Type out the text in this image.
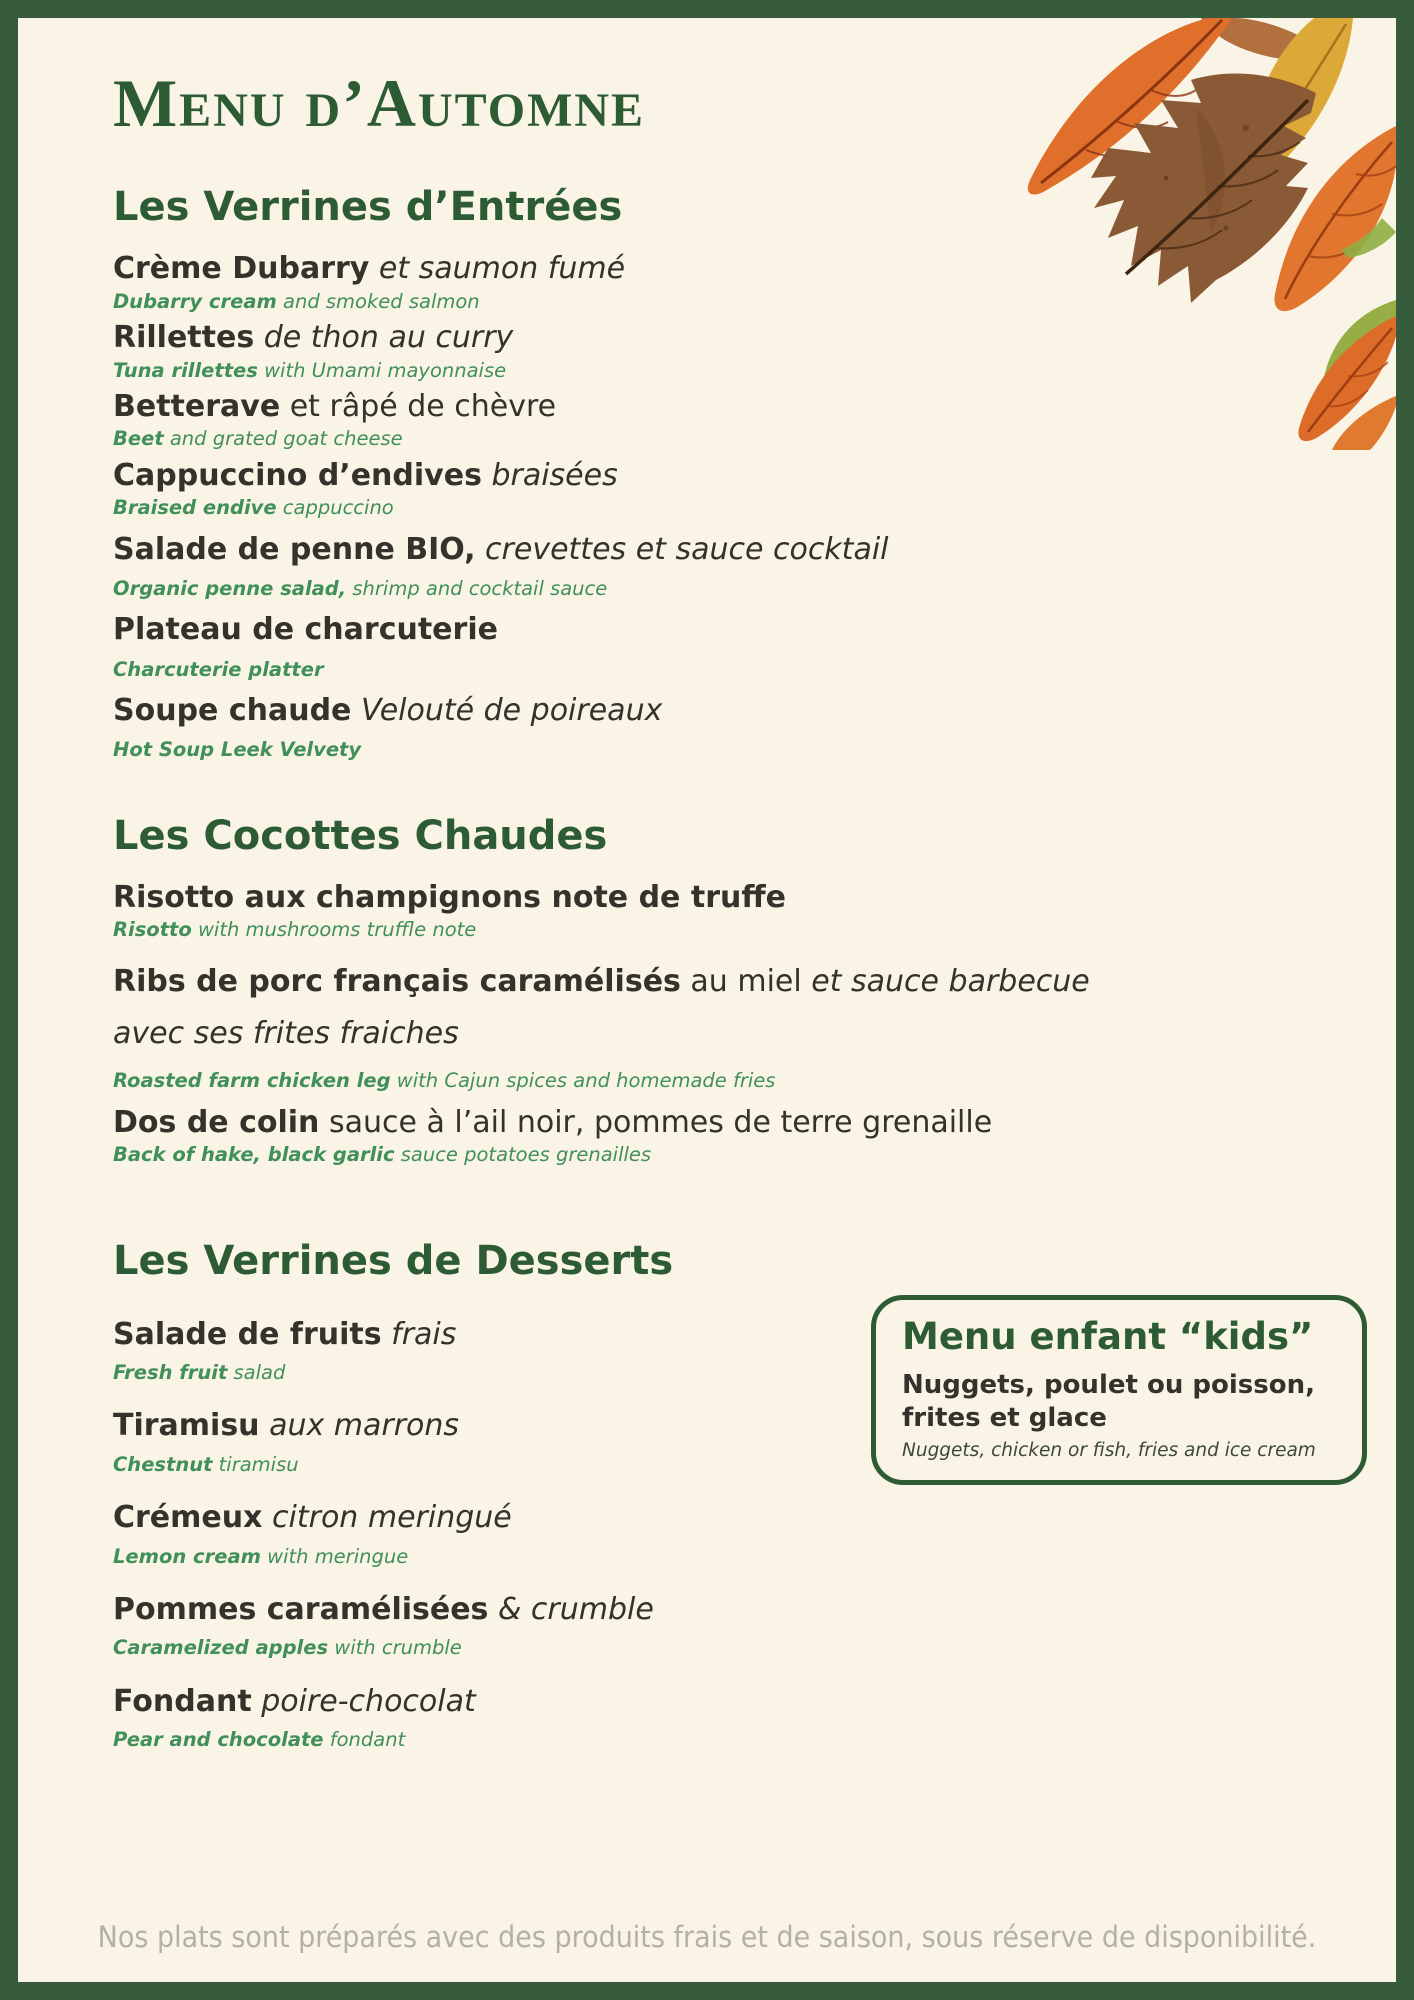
Menu d’Automne
Les Verrines d’Entrées
Crème Dubarry et saumon fumé
Dubarry cream and smoked salmon
Rillettes de thon au curry
Tuna rillettes with Umami mayonnaise
Betterave et râpé de chèvre
Beet and grated goat cheese
Cappuccino d’endives braisées
Braised endive cappuccino
Salade de penne BIO, crevettes et sauce cocktail
Organic penne salad, shrimp and cocktail sauce
Plateau de charcuterie
Charcuterie platter
Soupe chaude Velouté de poireaux
Hot Soup Leek Velvety
Les Cocottes Chaudes
Risotto aux champignons note de truffe
Risotto with mushrooms truffle note
Ribs de porc français caramélisés au miel et sauce barbecue
avec ses frites fraiches
Roasted farm chicken leg with Cajun spices and homemade fries
Dos de colin sauce à l’ail noir, pommes de terre grenaille
Back of hake, black garlic sauce potatoes grenailles
Les Verrines de Desserts
Salade de fruits frais
Fresh fruit salad
Tiramisu aux marrons
Chestnut tiramisu
Crémeux citron meringué
Lemon cream with meringue
Pommes caramélisées & crumble
Caramelized apples with crumble
Fondant poire-chocolat
Pear and chocolate fondant
Menu enfant “kids”
Nuggets, poulet ou poisson, frites et glace
Nuggets, chicken or fish, fries and ice cream
Nos plats sont préparés avec des produits frais et de saison, sous réserve de disponibilité.
